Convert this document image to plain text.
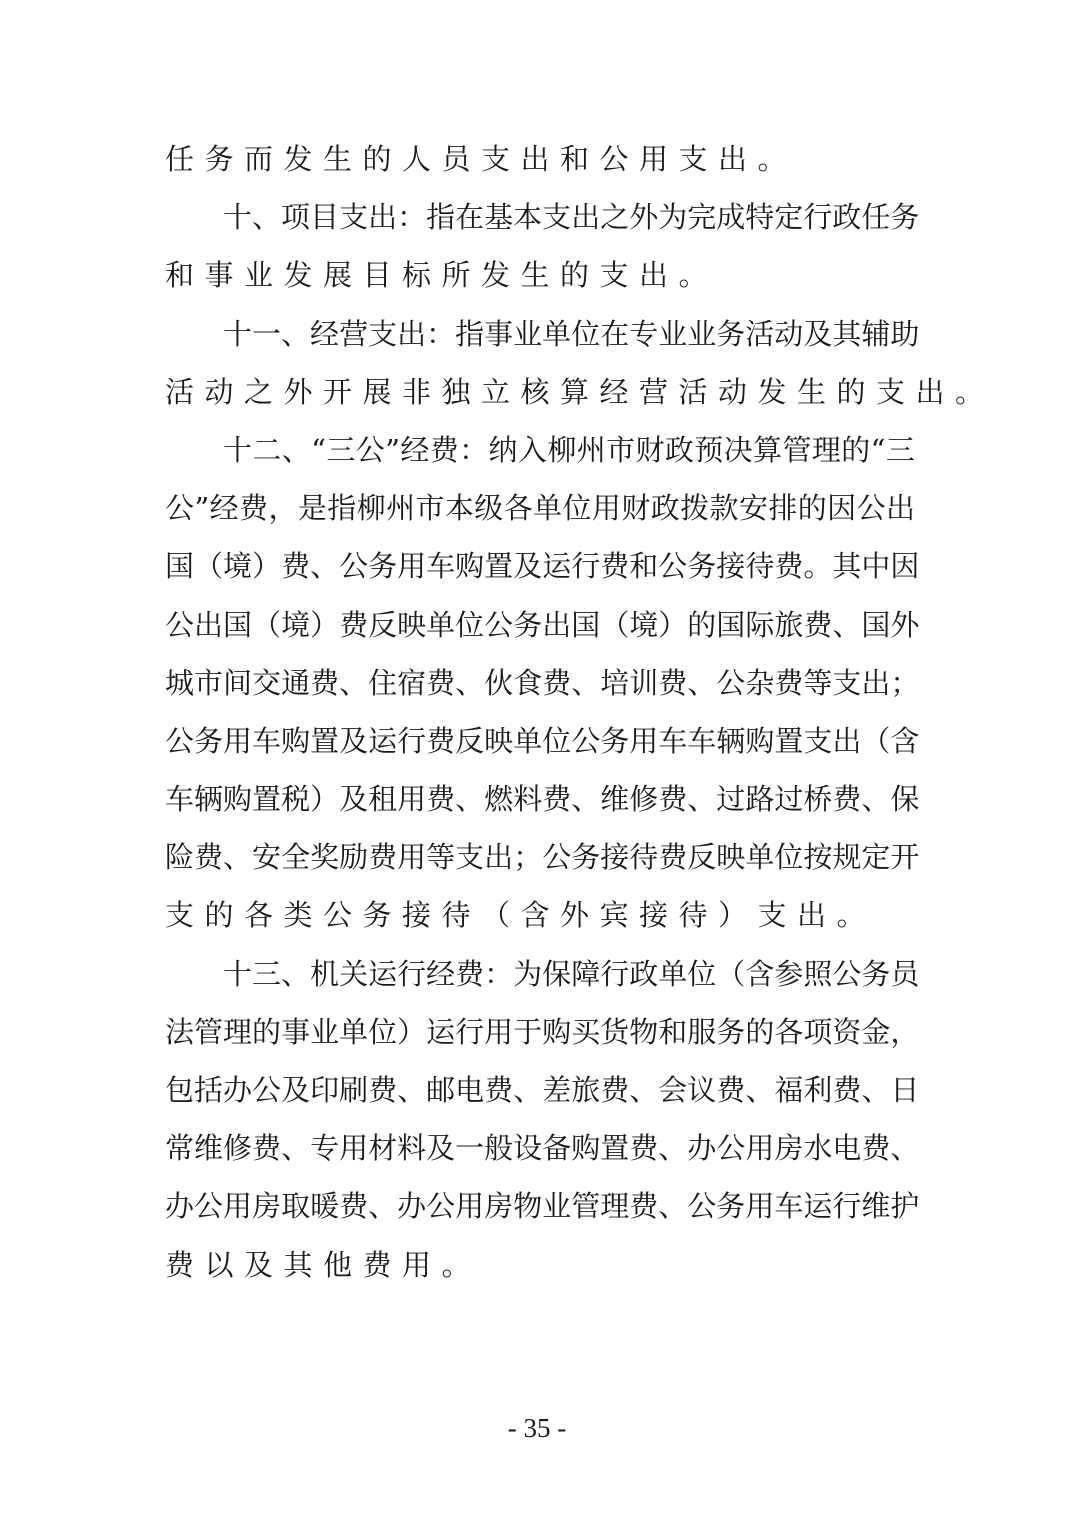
任务而发生的人员支出和公用支出。
十 、 项 目 支 出 ： 指 在 基 本 支 出 之 外 为 完 成 特 定 行 政 任 务
和事业发展目标所发生的支出。
十 一 、 经 营 支 出 ： 指 事 业 单 位 在 专 业 业 务 活 动 及 其 辅 助
活动之外开展非独立核算经营活动发生的支出。
十 二 、 “ 三 公 ” 经 费 ： 纳 入 柳 州 市 财 政 预 决 算 管 理 的 “ 三
公 ” 经 费 ， 是 指 柳 州 市 本 级 各 单 位 用 财 政 拨 款 安 排 的 因 公 出
国 （ 境 ） 费 、 公 务 用 车 购 置 及 运 行 费 和 公 务 接 待 费 。 其 中 因
公 出 国 （ 境 ） 费 反 映 单 位 公 务 出 国 （ 境 ） 的 国 际 旅 费 、 国 外
城 市 间 交 通 费 、 住 宿 费 、 伙 食 费 、 培 训 费 、 公 杂 费 等 支 出 ；
公 务 用 车 购 置 及 运 行 费 反 映 单 位 公 务 用 车 车 辆 购 置 支 出 （ 含
车 辆 购 置 税 ） 及 租 用 费 、 燃 料 费 、 维 修 费 、 过 路 过 桥 费 、 保
险 费 、 安 全 奖 励 费 用 等 支 出 ； 公 务 接 待 费 反 映 单 位 按 规 定 开
支的各类公务接待（含外宾接待）支出。
十 三 、 机 关 运 行 经 费 ： 为 保 障 行 政 单 位 （ 含 参 照 公 务 员
法 管 理 的 事 业 单 位 ） 运 行 用 于 购 买 货 物 和 服 务 的 各 项 资 金 ，
包 括 办 公 及 印 刷 费 、 邮 电 费 、 差 旅 费 、 会 议 费 、 福 利 费 、 日
常 维 修 费 、 专 用 材 料 及 一 般 设 备 购 置 费 、 办 公 用 房 水 电 费 、
办 公 用 房 取 暖 费 、 办 公 用 房 物 业 管 理 费 、 公 务 用 车 运 行 维 护
费以及其他费用。
- 35 -
